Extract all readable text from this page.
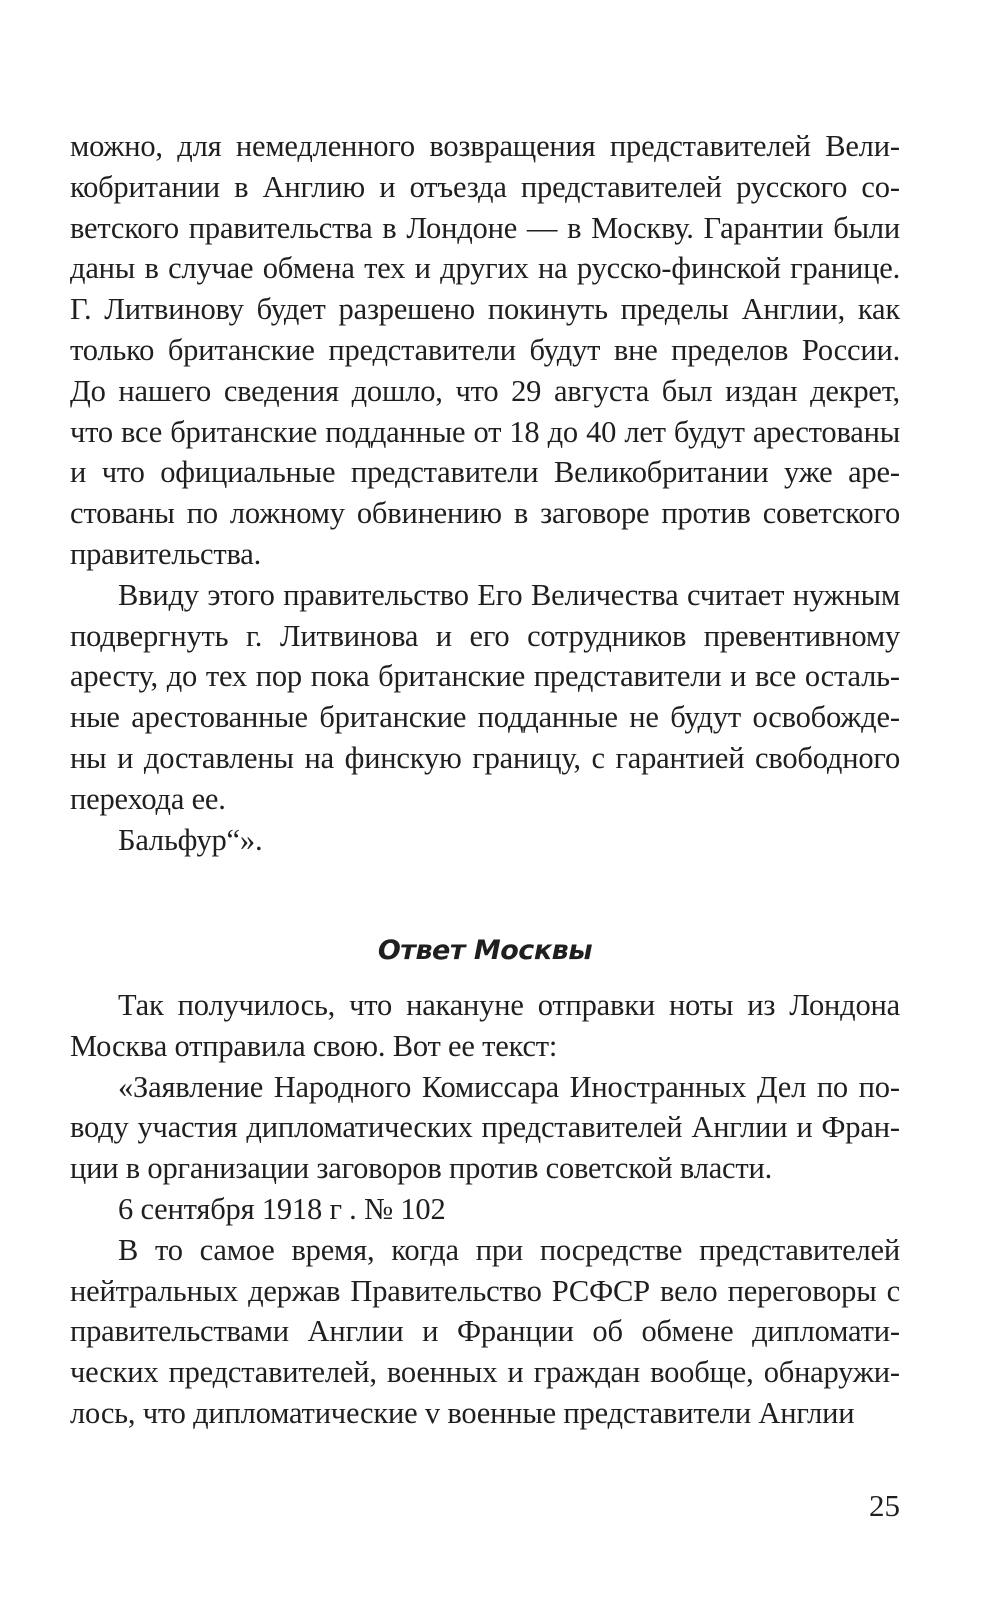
можно, для немедленного возвращения представителей Великобритании в Англию и отъезда представителей русского советского правительства в Лондоне — в Москву. Гарантии были даны в случае обмена тех и других на русско-финской границе. Г. Литвинову будет разрешено покинуть пределы Англии, как только британские представители будут вне пределов России. До нашего сведения дошло, что 29 августа был издан декрет, что все британские подданные от 18 до 40 лет будут арестованы и что официальные представители Великобритании уже арестованы по ложному обвинению в заговоре против советского правительства.

Ввиду этого правительство Его Величества считает нужным подвергнуть г. Литвинова и его сотрудников превентивному аресту, до тех пор пока британские представители и все остальные арестованные британские подданные не будут освобождены и доставлены на финскую границу, с гарантией свободного перехода ее.

Бальфур“».

Ответ Москвы

Так получилось, что накануне отправки ноты из Лондона Москва отправила свою. Вот ее текст:

«Заявление Народного Комиссара Иностранных Дел по поводу участия дипломатических представителей Англии и Франции в организации заговоров против советской власти.

6 сентября 1918 г . № 102

В то самое время, когда при посредстве представителей нейтральных держав Правительство РСФСР вело переговоры с правительствами Англии и Франции об обмене дипломатических представителей, военных и граждан вообще, обнаружилось, что дипломатические v военные представители Англии

25
